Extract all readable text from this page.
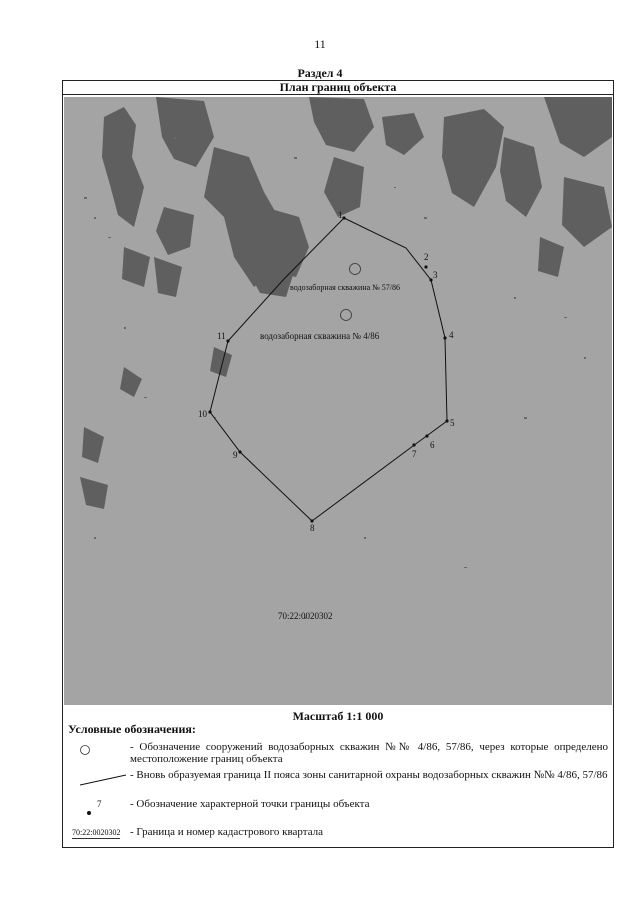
11
Раздел 4
План границ объекта
1
2
3
4
5
6
7
8
9
10
11
водозаборная скважина № 57/86
водозаборная скважина № 4/86
70:22:0020302
Масштаб 1:1 000
Условные обозначения:
- Обозначение сооружений водозаборных скважин №№ 4/86, 57/86, через которые определено местоположение границ объекта
- Вновь образуемая граница II пояса зоны санитарной охраны водозаборных скважин №№ 4/86, 57/86
7	- Обозначение характерной точки границы объекта
70:22:0020302 - Граница и номер кадастрового квартала
